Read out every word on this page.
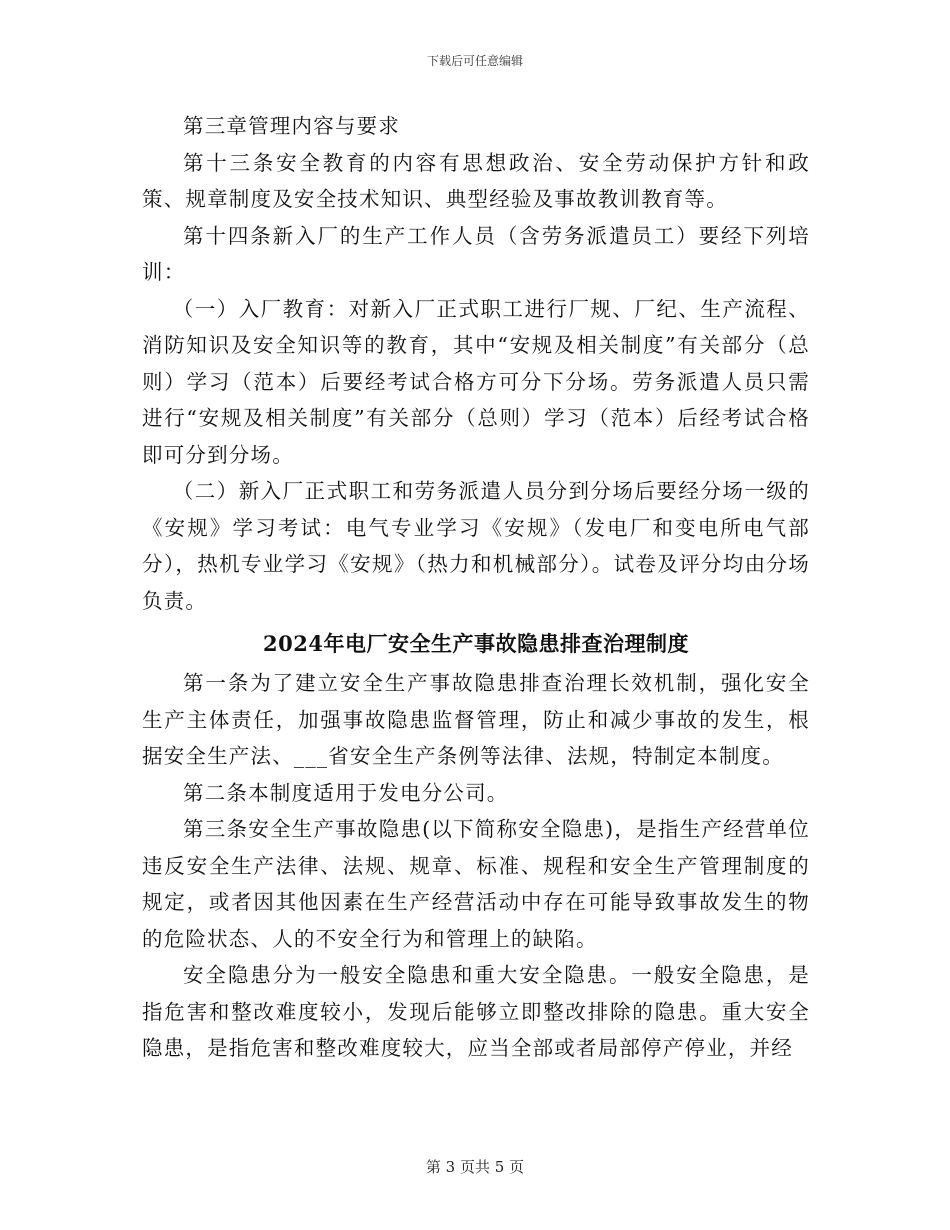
下载后可任意编辑

第三章管理内容与要求

第十三条安全教育的内容有思想政治、安全劳动保护方针和政策、规章制度及安全技术知识、典型经验及事故教训教育等。

第十四条新入厂的生产工作人员（含劳务派遣员工）要经下列培训：

（一）入厂教育：对新入厂正式职工进行厂规、厂纪、生产流程、消防知识及安全知识等的教育，其中“安规及相关制度”有关部分（总则）学习（范本）后要经考试合格方可分下分场。劳务派遣人员只需进行“安规及相关制度”有关部分（总则）学习（范本）后经考试合格即可分到分场。

（二）新入厂正式职工和劳务派遣人员分到分场后要经分场一级的《安规》学习考试：电气专业学习《安规》（发电厂和变电所电气部分），热机专业学习《安规》（热力和机械部分）。试卷及评分均由分场负责。

2024年电厂安全生产事故隐患排查治理制度

第一条为了建立安全生产事故隐患排查治理长效机制，强化安全生产主体责任，加强事故隐患监督管理，防止和减少事故的发生，根据安全生产法、___省安全生产条例等法律、法规，特制定本制度。

第二条本制度适用于发电分公司。

第三条安全生产事故隐患(以下简称安全隐患)，是指生产经营单位违反安全生产法律、法规、规章、标准、规程和安全生产管理制度的规定，或者因其他因素在生产经营活动中存在可能导致事故发生的物的危险状态、人的不安全行为和管理上的缺陷。

安全隐患分为一般安全隐患和重大安全隐患。一般安全隐患，是指危害和整改难度较小，发现后能够立即整改排除的隐患。重大安全隐患，是指危害和整改难度较大，应当全部或者局部停产停业，并经

第 3 页共 5 页
